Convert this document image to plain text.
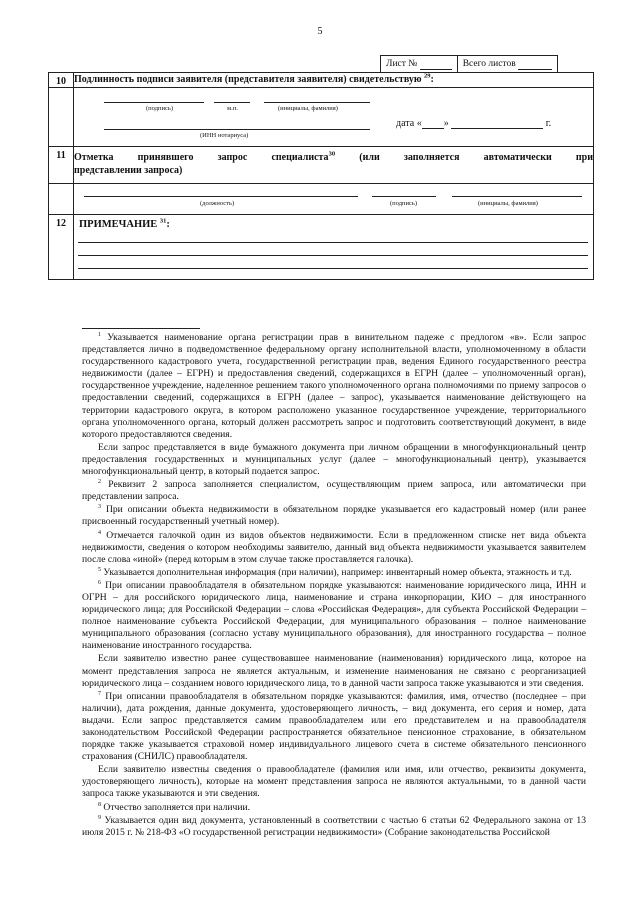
5
Лист №	Всего листов
10	Подлинность подписи заявителя (представителя заявителя) свидетельствую $^{29}$:

	(подпись) м.п. (инициалы, фамилия)
(ИНН нотариуса)
дата « » г.

11	Отметка принявшего запрос специалиста$^{30}$ (или заполняется автоматически при
представлении запроса)

	(должность) (подпись) (инициалы, фамилия)

12	ПРИМЕЧАНИЕ $^{31}$:

$^1$ Указывается наименование органа регистрации прав в винительном падеже с предлогом «в». Если запрос представляется лично в подведомственное федеральному органу исполнительной власти, уполномоченному в области государственного кадастрового учета, государственной регистрации прав, ведения Единого государственного реестра недвижимости (далее – ЕГРН) и предоставления сведений, содержащихся в ЕГРН (далее – уполномоченный орган), государственное учреждение, наделенное решением такого уполномоченного органа полномочиями по приему запросов о предоставлении сведений, содержащихся в ЕГРН (далее – запрос), указывается наименование действующего на территории кадастрового округа, в котором расположено указанное государственное учреждение, территориального органа уполномоченного органа, который должен рассмотреть запрос и подготовить соответствующий документ, в виде которого предоставляются сведения.

Если запрос представляется в виде бумажного документа при личном обращении в многофункциональный центр предоставления государственных и муниципальных услуг (далее – многофункциональный центр), указывается многофункциональный центр, в который подается запрос.

$^2$ Реквизит 2 запроса заполняется специалистом, осуществляющим прием запроса, или автоматически при представлении запроса.

$^3$ При описании объекта недвижимости в обязательном порядке указывается его кадастровый номер (или ранее присвоенный государственный учетный номер).

$^4$ Отмечается галочкой один из видов объектов недвижимости. Если в предложенном списке нет вида объекта недвижимости, сведения о котором необходимы заявителю, данный вид объекта недвижимости указывается заявителем после слова «иной» (перед которым в этом случае также проставляется галочка).

$^5$ Указывается дополнительная информация (при наличии), например: инвентарный номер объекта, этажность и т.д.

$^6$ При описании правообладателя в обязательном порядке указываются: наименование юридического лица, ИНН и ОГРН – для российского юридического лица, наименование и страна инкорпорации, КИО – для иностранного юридического лица; для Российской Федерации – слова «Российская Федерация», для субъекта Российской Федерации – полное наименование субъекта Российской Федерации, для муниципального образования – полное наименование муниципального образования (согласно уставу муниципального образования), для иностранного государства – полное наименование иностранного государства.

Если заявителю известно ранее существовавшее наименование (наименования) юридического лица, которое на момент представления запроса не является актуальным, и изменение наименования не связано с реорганизацией юридического лица – созданием нового юридического лица, то в данной части запроса также указываются и эти сведения.

$^7$ При описании правообладателя в обязательном порядке указываются: фамилия, имя, отчество (последнее – при наличии), дата рождения, данные документа, удостоверяющего личность, – вид документа, его серия и номер, дата выдачи. Если запрос представляется самим правообладателем или его представителем и на правообладателя законодательством Российской Федерации распространяется обязательное пенсионное страхование, в обязательном порядке также указывается страховой номер индивидуального лицевого счета в системе обязательного пенсионного страхования (СНИЛС) правообладателя.

Если заявителю известны сведения о правообладателе (фамилия или имя, или отчество, реквизиты документа, удостоверяющего личность), которые на момент представления запроса не являются актуальными, то в данной части запроса также указываются и эти сведения.

$^8$ Отчество заполняется при наличии.

$^9$ Указывается один вид документа, установленный в соответствии с частью 6 статьи 62 Федерального закона от 13 июля 2015 г. № 218-ФЗ «О государственной регистрации недвижимости» (Собрание законодательства Российской
